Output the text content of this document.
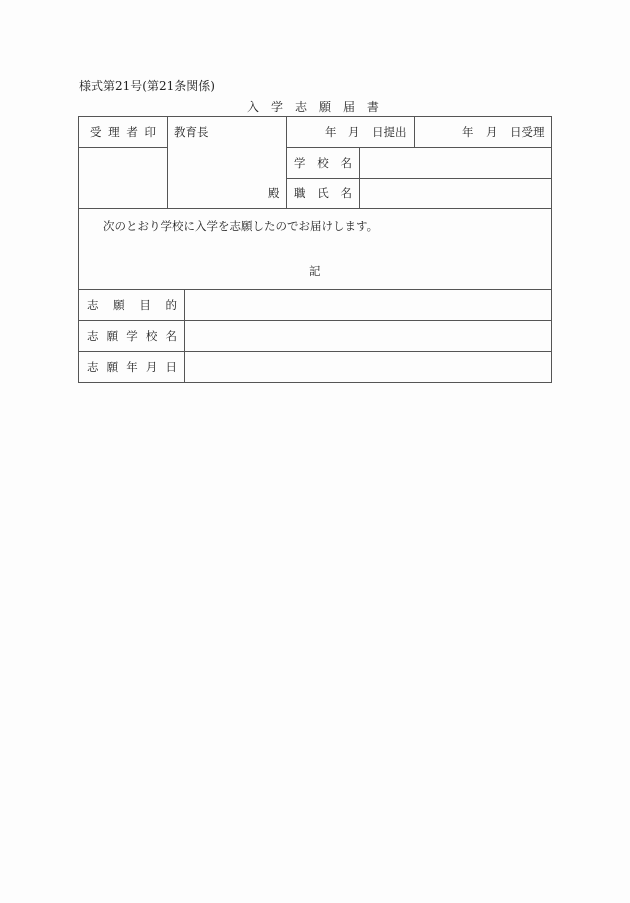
様式第21号(第21条関係)
入 学 志 願 届 書
受 理 者 印 教育長
殿
年 月 日提出	年 月 日受理
学 校 名
職 氏 名
次のとおり学校に入学を志願したのでお届けします。
記
志 願 目 的
志 願 学 校 名
志 願 年 月 日
